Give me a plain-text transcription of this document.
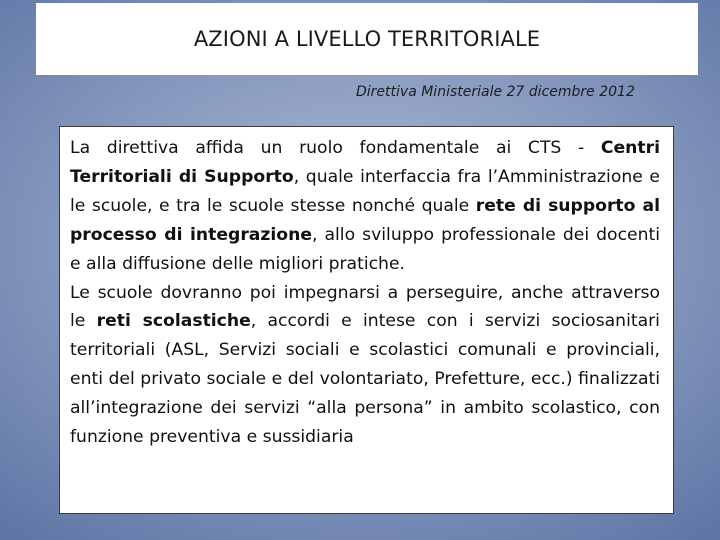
AZIONI A LIVELLO TERRITORIALE
Direttiva Ministeriale 27 dicembre 2012

La direttiva affida un ruolo fondamentale ai CTS - Centri Territoriali di Supporto, quale interfaccia fra l’Amministrazione e le scuole, e tra le scuole stesse nonché quale rete di supporto al processo di integrazione, allo sviluppo professionale dei docenti e alla diffusione delle migliori pratiche.

Le scuole dovranno poi impegnarsi a perseguire, anche attraverso le reti scolastiche, accordi e intese con i servizi sociosanitari territoriali (ASL, Servizi sociali e scolastici comunali e provinciali, enti del privato sociale e del volontariato, Prefetture, ecc.) finalizzati all’integrazione dei servizi “alla persona” in ambito scolastico, con funzione preventiva e sussidiaria
